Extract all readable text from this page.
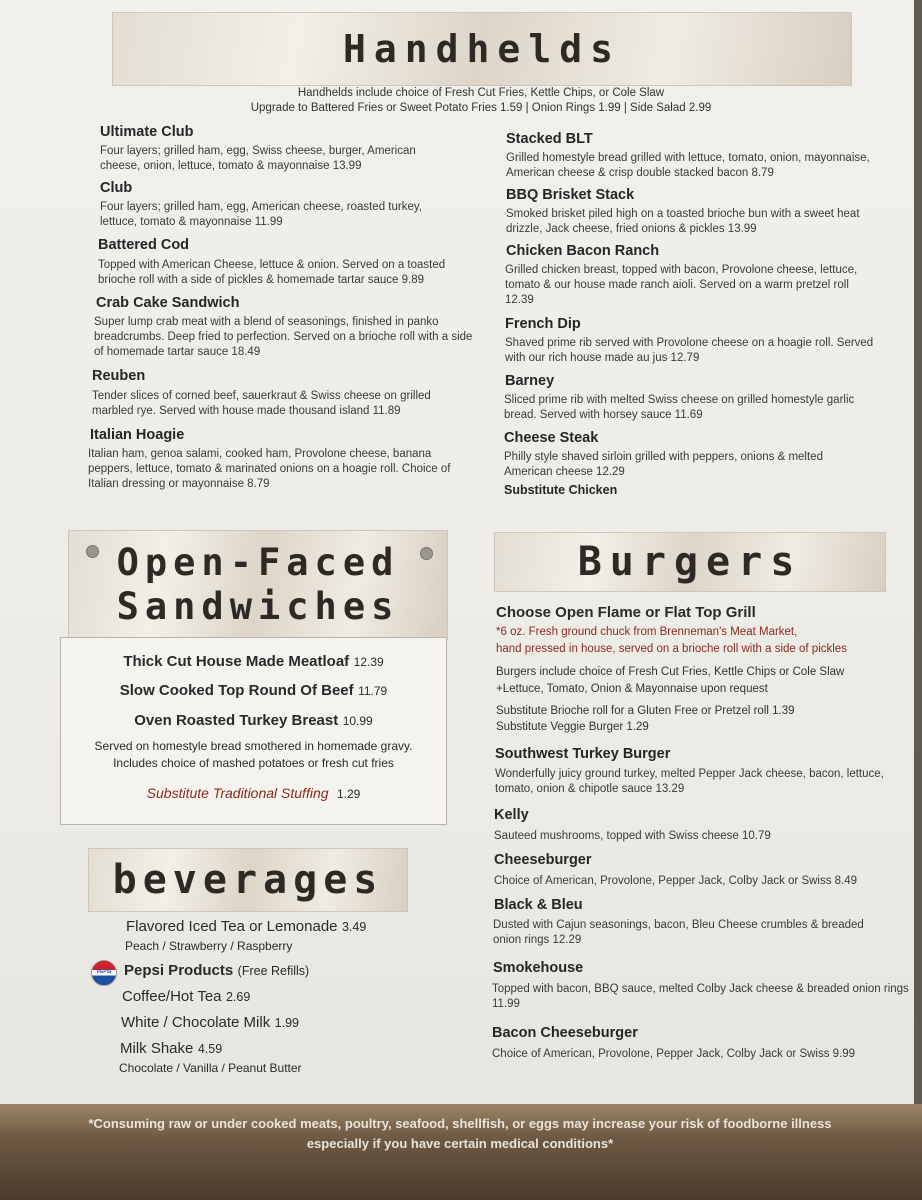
Handhelds
Handhelds include choice of Fresh Cut Fries, Kettle Chips, or Cole Slaw
Upgrade to Battered Fries or Sweet Potato Fries 1.59 | Onion Rings 1.99 | Side Salad 2.99
Ultimate Club
Four layers; grilled ham, egg, Swiss cheese, burger, American cheese, onion, lettuce, tomato & mayonnaise 13.99
Club
Four layers; grilled ham, egg, American cheese, roasted turkey, lettuce, tomato & mayonnaise 11.99
Battered Cod
Topped with American Cheese, lettuce & onion. Served on a toasted brioche roll with a side of pickles & homemade tartar sauce 9.89
Crab Cake Sandwich
Super lump crab meat with a blend of seasonings, finished in panko breadcrumbs. Deep fried to perfection. Served on a brioche roll with a side of homemade tartar sauce 18.49
Reuben
Tender slices of corned beef, sauerkraut & Swiss cheese on grilled marbled rye. Served with house made thousand island 11.89
Italian Hoagie
Italian ham, genoa salami, cooked ham, Provolone cheese, banana peppers, lettuce, tomato & marinated onions on a hoagie roll. Choice of Italian dressing or mayonnaise 8.79
Stacked BLT
Grilled homestyle bread grilled with lettuce, tomato, onion, mayonnaise, American cheese & crisp double stacked bacon 8.79
BBQ Brisket Stack
Smoked brisket piled high on a toasted brioche bun with a sweet heat drizzle, Jack cheese, fried onions & pickles 13.99
Chicken Bacon Ranch
Grilled chicken breast, topped with bacon, Provolone cheese, lettuce, tomato & our house made ranch aioli. Served on a warm pretzel roll 12.39
French Dip
Shaved prime rib served with Provolone cheese on a hoagie roll. Served with our rich house made au jus 12.79
Barney
Sliced prime rib with melted Swiss cheese on grilled homestyle garlic bread. Served with horsey sauce 11.69
Cheese Steak
Philly style shaved sirloin grilled with peppers, onions & melted American cheese 12.29
Substitute Chicken
Open-Faced
Sandwiches
Thick Cut House Made Meatloaf 12.39
Slow Cooked Top Round Of Beef 11.79
Oven Roasted Turkey Breast 10.99
Served on homestyle bread smothered in homemade gravy.
Includes choice of mashed potatoes or fresh cut fries
Substitute Traditional Stuffing 1.29
beverages
Flavored Iced Tea or Lemonade 3.49
Peach / Strawberry / Raspberry
PEPSI Pepsi Products (Free Refills)
Coffee/Hot Tea 2.69
White / Chocolate Milk 1.99
Milk Shake 4.59
Chocolate / Vanilla / Peanut Butter
Burgers
Choose Open Flame or Flat Top Grill
*6 oz. Fresh ground chuck from Brenneman's Meat Market,
hand pressed in house, served on a brioche roll with a side of pickles
Burgers include choice of Fresh Cut Fries, Kettle Chips or Cole Slaw
+Lettuce, Tomato, Onion & Mayonnaise upon request
Substitute Brioche roll for a Gluten Free or Pretzel roll 1.39
Substitute Veggie Burger 1.29
Southwest Turkey Burger
Wonderfully juicy ground turkey, melted Pepper Jack cheese, bacon, lettuce, tomato, onion & chipotle sauce 13.29
Kelly
Sauteed mushrooms, topped with Swiss cheese 10.79
Cheeseburger
Choice of American, Provolone, Pepper Jack, Colby Jack or Swiss 8.49
Black & Bleu
Dusted with Cajun seasonings, bacon, Bleu Cheese crumbles & breaded onion rings 12.29
Smokehouse
Topped with bacon, BBQ sauce, melted Colby Jack cheese & breaded onion rings 11.99
Bacon Cheeseburger
Choice of American, Provolone, Pepper Jack, Colby Jack or Swiss 9.99
*Consuming raw or under cooked meats, poultry, seafood, shellfish, or eggs may increase your risk of foodborne illness
especially if you have certain medical conditions*
